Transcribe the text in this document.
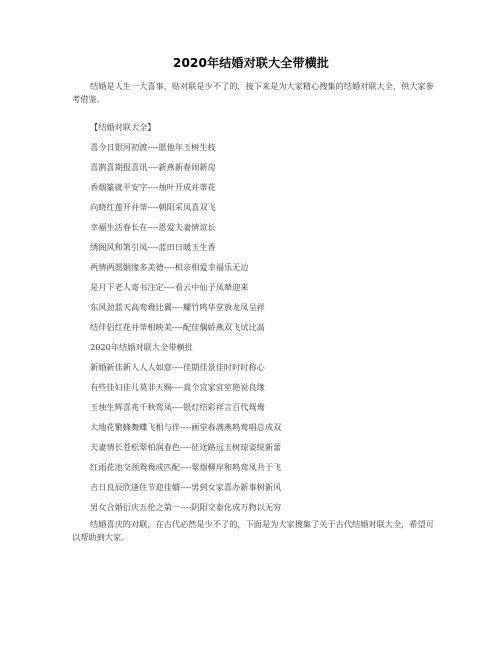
2020年结婚对联大全带横批
结婚是人生一大喜事，贴对联是少不了的，接下来是为大家精心搜集的结婚对联大全，供大家参考借鉴。
【结婚对联大全】
喜今日银河初渡----愿他年玉树生枝
喜鹊喜期报喜讯----新燕新春闹新房
香烟篆就平安字----烛叶开成并蒂花
向晓红莲开并蒂----朝阳采凤喜双飞
幸福生活春长在----恩爱夫妻情谊长
绣阁风和箫引凤----蓝田日暖玉生香
两情两愿姻缘多美德----相亲相爱幸福乐无边
是月下老人寄书注定----看云中仙子凤辇迎来
东风劲蓝天高鸾鸯比翼----耀竹鸣华堂放龙凤呈祥
结伴侣红花并蒂相映美----配佳偶娇燕双飞试比高
2020年结婚对联大全带横批
新婚新佳新人人人如意----佳期佳景佳时时时称心
有些佳妇佳儿莫非天赐----真个宜家宜室艳说良缘
玉烛生辉喜兆千秋鸾凤----银灯结彩祥言百代鸳鸯
大地花繁蜂舞蝶飞相与伴----画堂春满燕鸣莺唱总成双
夫妻情长苍松翠柏润春色----征途路远玉树琼姿绽新蕾
红雨花池交颈鸳鸯成匹配----翠烟柳岸和鸣鸾凤共于飞
吉日良辰欣逢住节迎佳婿----男到女家喜办新事树新风
男女合婚衍庆五伦之第一----阴阳交泰化成万物以无穷
结婚喜庆的对联，在古代必然是少不了的，下面是为大家搜集了关于古代结婚对联大全，希望可以帮助到大家。
